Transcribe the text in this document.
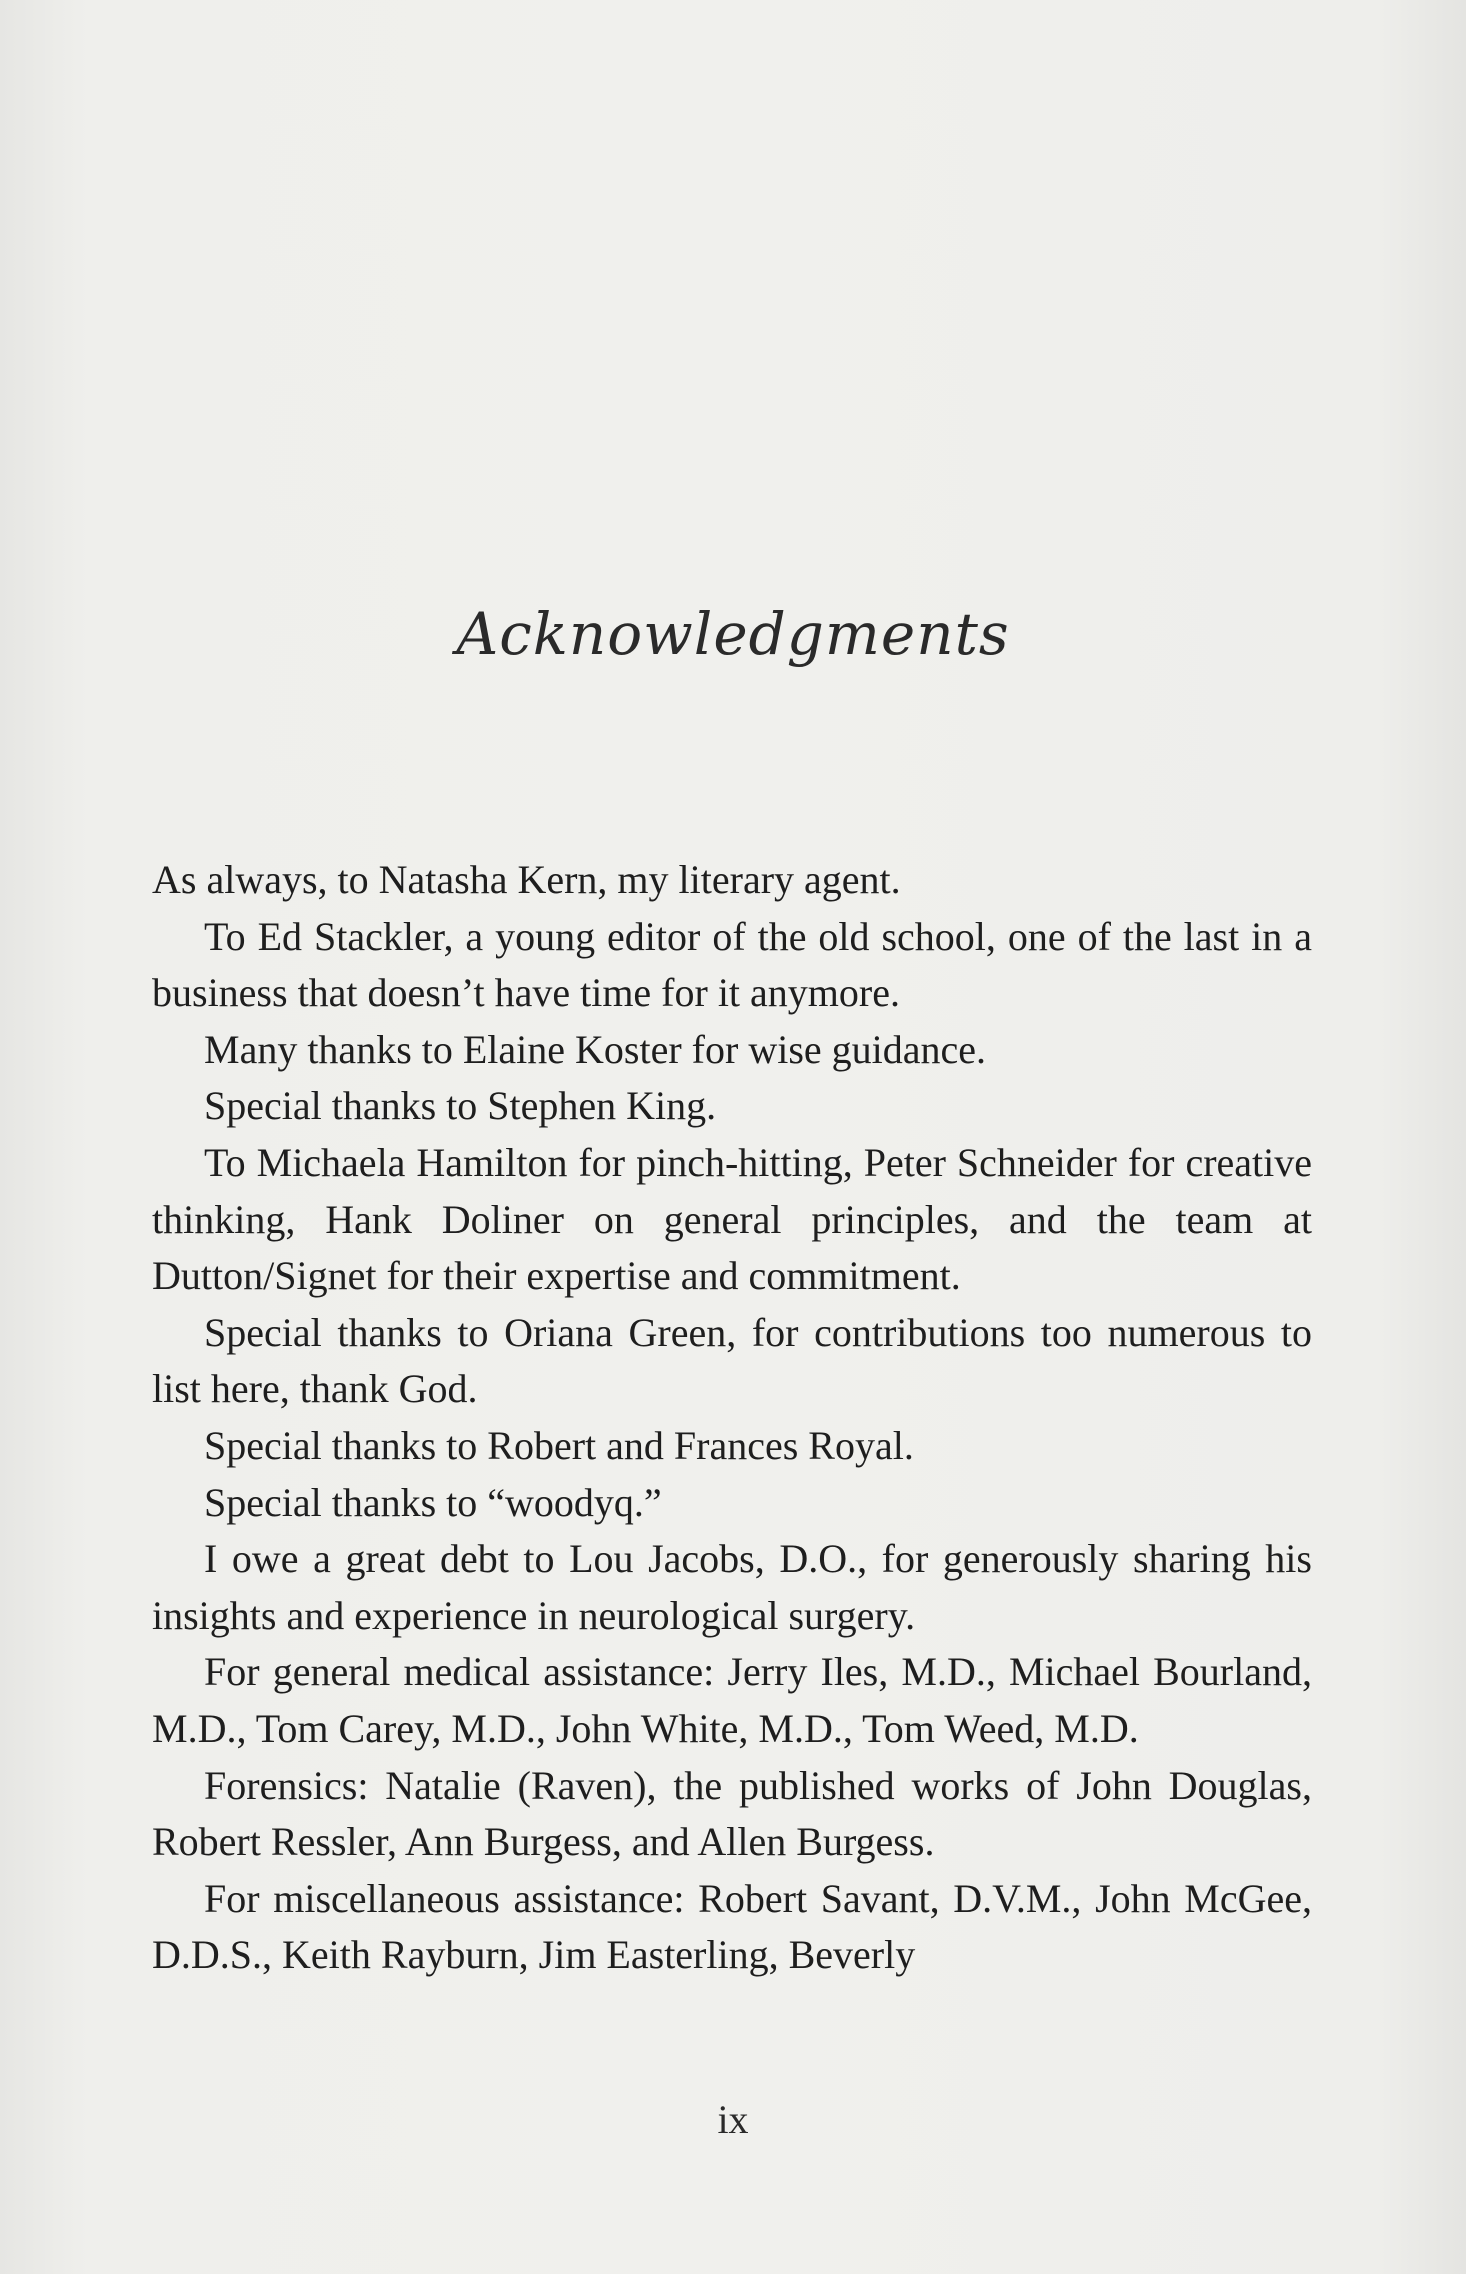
Acknowledgments

As always, to Natasha Kern, my literary agent.

To Ed Stackler, a young editor of the old school, one of the last in a business that doesn’t have time for it anymore.

Many thanks to Elaine Koster for wise guidance.

Special thanks to Stephen King.

To Michaela Hamilton for pinch-hitting, Peter Schneider for creative thinking, Hank Doliner on general principles, and the team at Dutton/Signet for their expertise and commitment.

Special thanks to Oriana Green, for contributions too numerous to list here, thank God.

Special thanks to Robert and Frances Royal.

Special thanks to “woodyq.”

I owe a great debt to Lou Jacobs, D.O., for generously sharing his insights and experience in neurological surgery.

For general medical assistance: Jerry Iles, M.D., Michael Bourland, M.D., Tom Carey, M.D., John White, M.D., Tom Weed, M.D.

Forensics: Natalie (Raven), the published works of John Douglas, Robert Ressler, Ann Burgess, and Allen Burgess.

For miscellaneous assistance: Robert Savant, D.V.M., John McGee, D.D.S., Keith Rayburn, Jim Easterling, Beverly

ix
